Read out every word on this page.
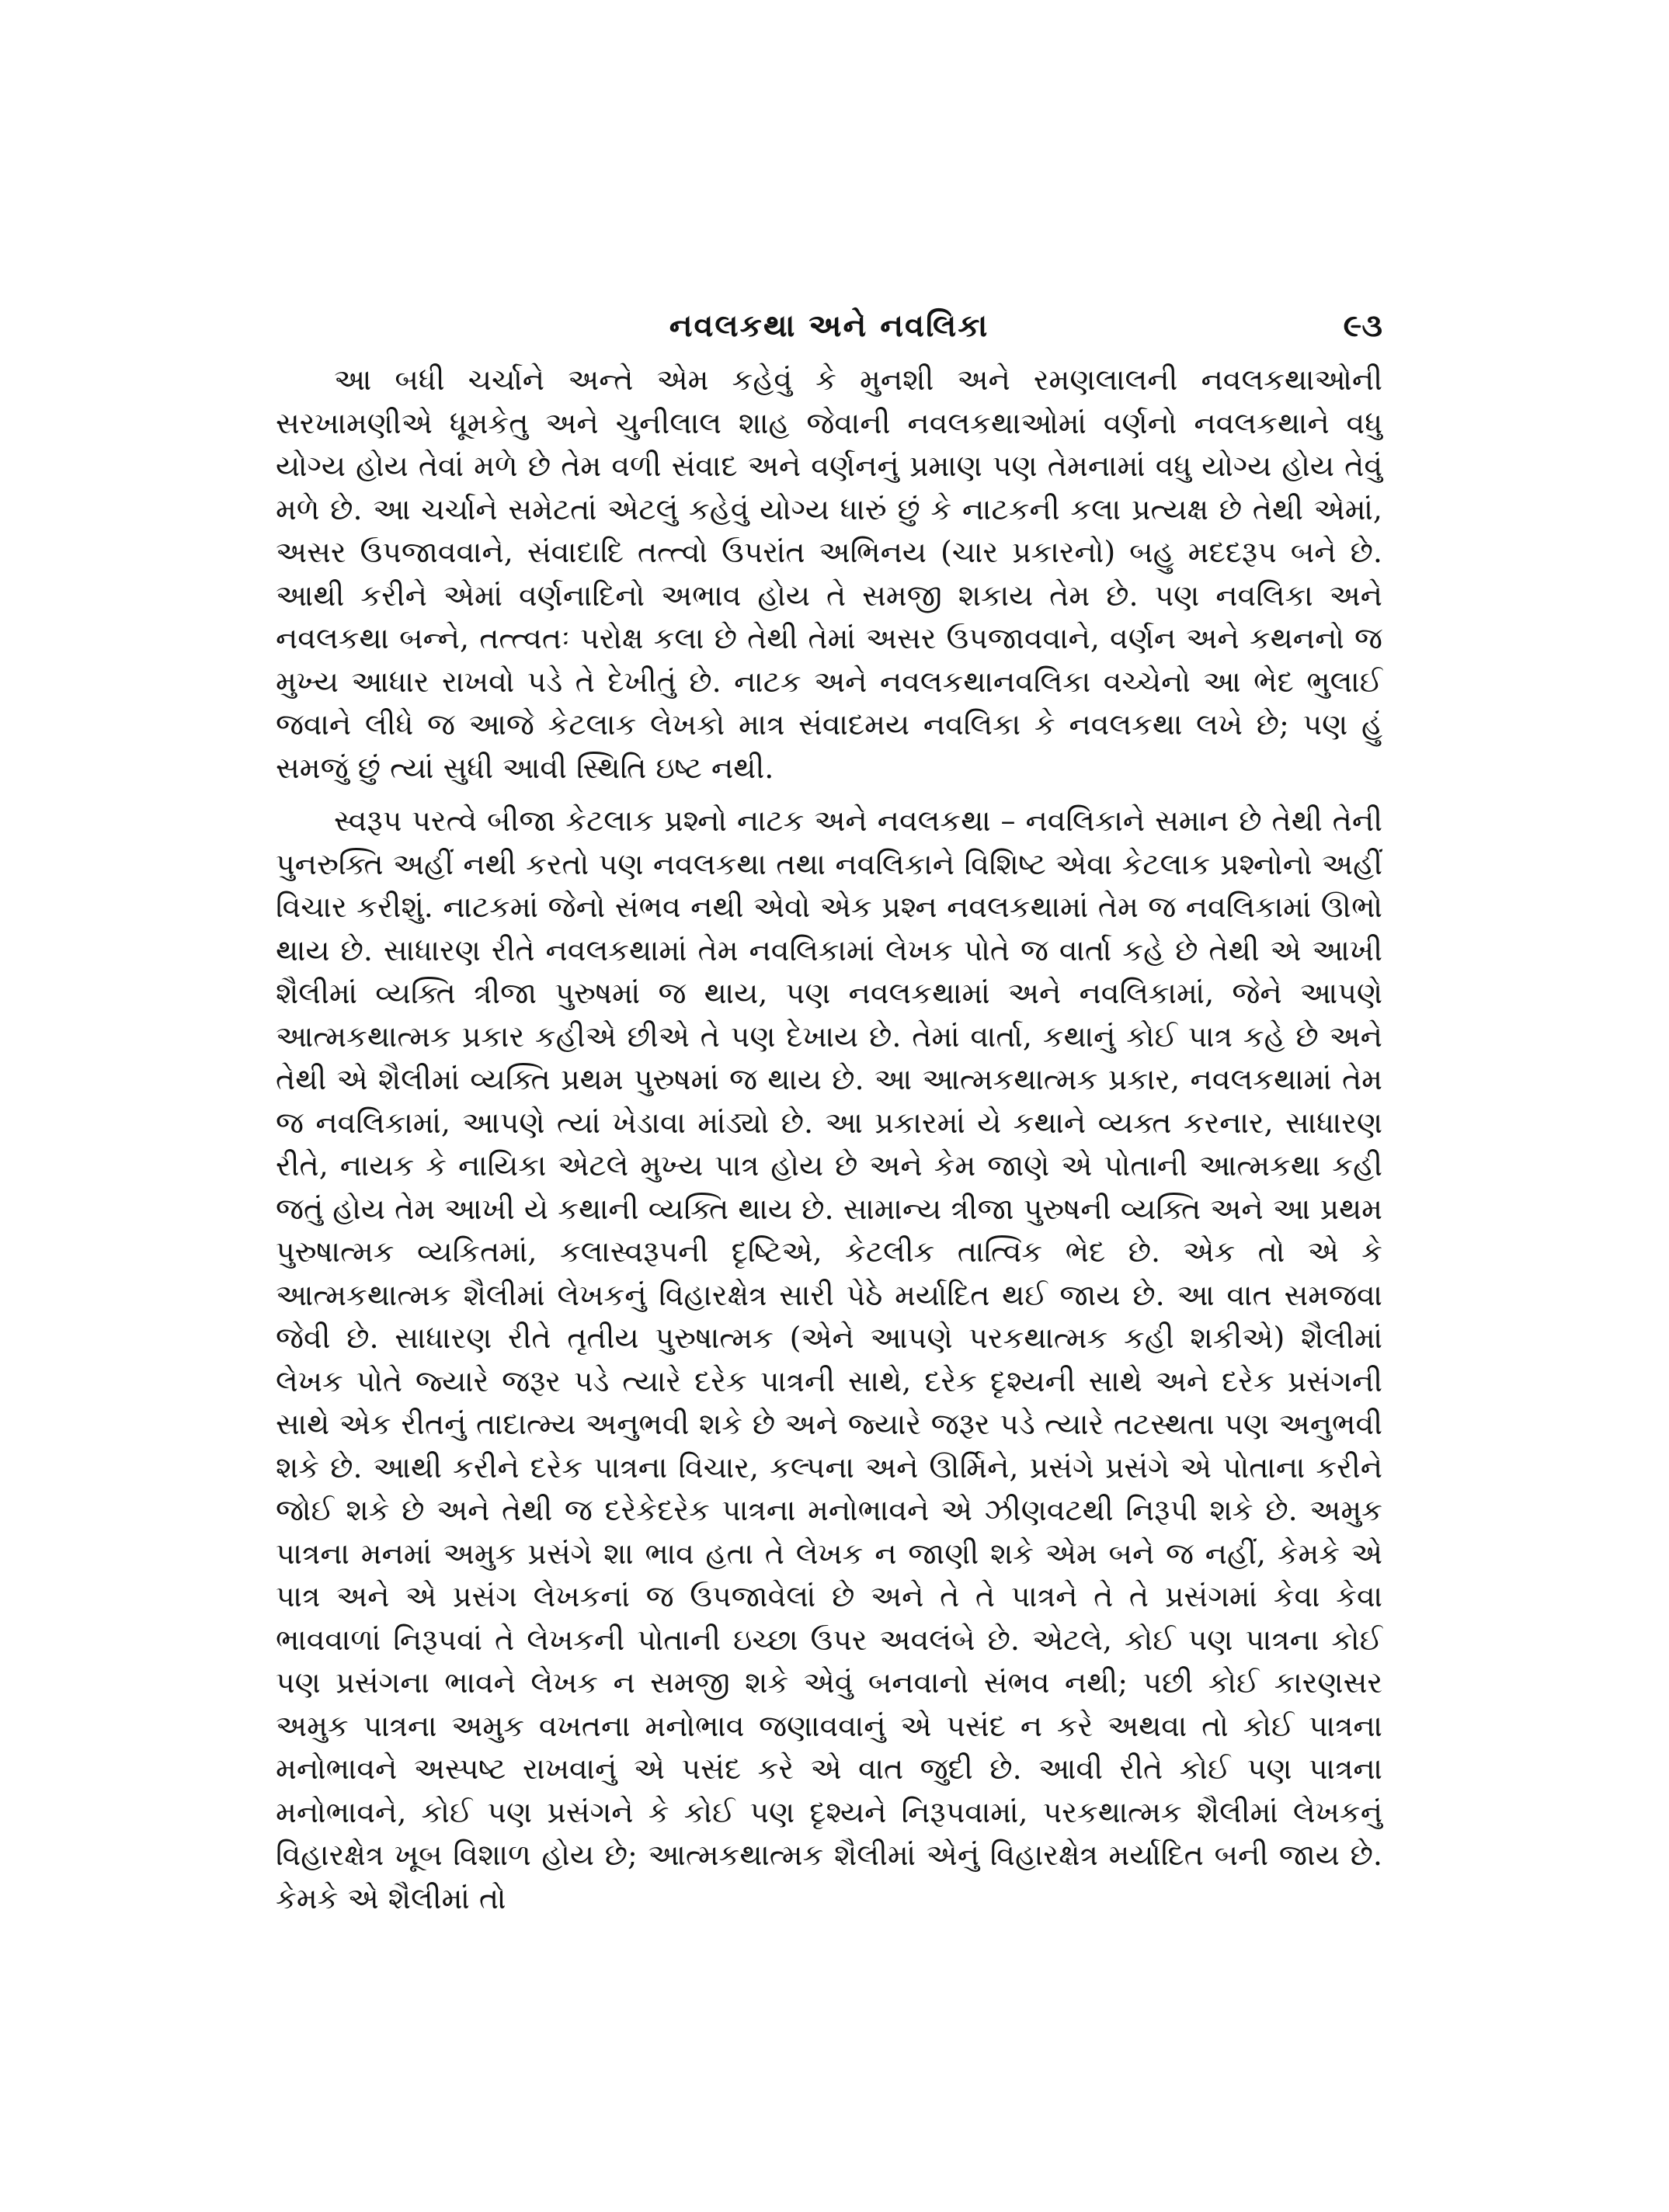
નવલકથા અને નવલિકા	૯૩

આ બધી ચર્ચાને અન્તે એમ કહેવું કે મુનશી અને રમણલાલની નવલકથાઓની સરખામણીએ ધૂમકેતુ અને ચુનીલાલ શાહ જેવાની નવલકથાઓમાં વર્ણનો નવલકથાને વધુ યોગ્ય હોય તેવાં મળે છે તેમ વળી સંવાદ અને વર્ણનનું પ્રમાણ પણ તેમનામાં વધુ યોગ્ય હોય તેવું મળે છે. આ ચર્ચાને સમેટતાં એટલું કહેવું યોગ્ય ધારું છું કે નાટકની કલા પ્રત્યક્ષ છે તેથી એમાં, અસર ઉપજાવવાને, સંવાદાદિ તત્ત્વો ઉપરાંત અભિનય (ચાર પ્રકારનો) બહુ મદદરૂપ બને છે. આથી કરીને એમાં વર્ણનાદિનો અભાવ હોય તે સમજી શકાય તેમ છે. પણ નવલિકા અને નવલકથા બન્ને, તત્ત્વતઃ પરોક્ષ કલા છે તેથી તેમાં અસર ઉપજાવવાને, વર્ણન અને કથનનો જ મુખ્ય આધાર રાખવો પડે તે દેખીતું છે. નાટક અને નવલકથાનવલિકા વચ્ચેનો આ ભેદ ભુલાઈ જવાને લીધે જ આજે કેટલાક લેખકો માત્ર સંવાદમય નવલિકા કે નવલકથા લખે છે; પણ હું સમજું છું ત્યાં સુધી આવી સ્થિતિ ઇષ્ટ નથી.

સ્વરૂપ પરત્વે બીજા કેટલાક પ્રશ્નો નાટક અને નવલકથા – નવલિકાને સમાન છે તેથી તેની પુનરુક્તિ અહીં નથી કરતો પણ નવલકથા તથા નવલિકાને વિશિષ્ટ એવા કેટલાક પ્રશ્નોનો અહીં વિચાર કરીશું. નાટકમાં જેનો સંભવ નથી એવો એક પ્રશ્ન નવલકથામાં તેમ જ નવલિકામાં ઊભો થાય છે. સાધારણ રીતે નવલકથામાં તેમ નવલિકામાં લેખક પોતે જ વાર્તા કહે છે તેથી એ આખી શૈલીમાં વ્યક્તિ ત્રીજા પુરુષમાં જ થાય, પણ નવલકથામાં અને નવલિકામાં, જેને આપણે આત્મકથાત્મક પ્રકાર કહીએ છીએ તે પણ દેખાય છે. તેમાં વાર્તા, કથાનું કોઈ પાત્ર કહે છે અને તેથી એ શૈલીમાં વ્યક્તિ પ્રથમ પુરુષમાં જ થાય છે. આ આત્મકથાત્મક પ્રકાર, નવલકથામાં તેમ જ નવલિકામાં, આપણે ત્યાં ખેડાવા માંડ્યો છે. આ પ્રકારમાં યે કથાને વ્યક્ત કરનાર, સાધારણ રીતે, નાયક કે નાયિકા એટલે મુખ્ય પાત્ર હોય છે અને કેમ જાણે એ પોતાની આત્મકથા કહી જતું હોય તેમ આખી યે કથાની વ્યક્તિ થાય છે. સામાન્ય ત્રીજા પુરુષની વ્યક્તિ અને આ પ્રથમ પુરુષાત્મક વ્યકિતમાં, કલાસ્વરૂપની દૃષ્ટિએ, કેટલીક તાત્વિક ભેદ છે. એક તો એ કે આત્મકથાત્મક શૈલીમાં લેખકનું વિહારક્ષેત્ર સારી પેઠે મર્યાદિત થઈ જાય છે. આ વાત સમજવા જેવી છે. સાધારણ રીતે તૃતીય પુરુષાત્મક (એને આપણે પરકથાત્મક કહી શકીએ) શૈલીમાં લેખક પોતે જ્યારે જરૂર પડે ત્યારે દરેક પાત્રની સાથે, દરેક દૃશ્યની સાથે અને દરેક પ્રસંગની સાથે એક રીતનું તાદાત્મ્ય અનુભવી શકે છે અને જ્યારે જરૂર પડે ત્યારે તટસ્થતા પણ અનુભવી શકે છે. આથી કરીને દરેક પાત્રના વિચાર, કલ્પના અને ઊર્મિને, પ્રસંગે પ્રસંગે એ પોતાના કરીને જોઈ શકે છે અને તેથી જ દરેકેદરેક પાત્રના મનોભાવને એ ઝીણવટથી નિરૂપી શકે છે. અમુક પાત્રના મનમાં અમુક પ્રસંગે શા ભાવ હતા તે લેખક ન જાણી શકે એમ બને જ નહીં, કેમકે એ પાત્ર અને એ પ્રસંગ લેખકનાં જ ઉપજાવેલાં છે અને તે તે પાત્રને તે તે પ્રસંગમાં કેવા કેવા ભાવવાળાં નિરૂપવાં તે લેખકની પોતાની ઇચ્છા ઉપર અવલંબે છે. એટલે, કોઈ પણ પાત્રના કોઈ પણ પ્રસંગના ભાવને લેખક ન સમજી શકે એવું બનવાનો સંભવ નથી; પછી કોઈ કારણસર અમુક પાત્રના અમુક વખતના મનોભાવ જણાવવાનું એ પસંદ ન કરે અથવા તો કોઈ પાત્રના મનોભાવને અસ્પષ્ટ રાખવાનું એ પસંદ કરે એ વાત જુદી છે. આવી રીતે કોઈ પણ પાત્રના મનોભાવને, કોઈ પણ પ્રસંગને કે કોઈ પણ દૃશ્યને નિરૂપવામાં, પરકથાત્મક શૈલીમાં લેખકનું વિહારક્ષેત્ર ખૂબ વિશાળ હોય છે; આત્મકથાત્મક શૈલીમાં એનું વિહારક્ષેત્ર મર્યાદિત બની જાય છે. કેમકે એ શૈલીમાં તો
